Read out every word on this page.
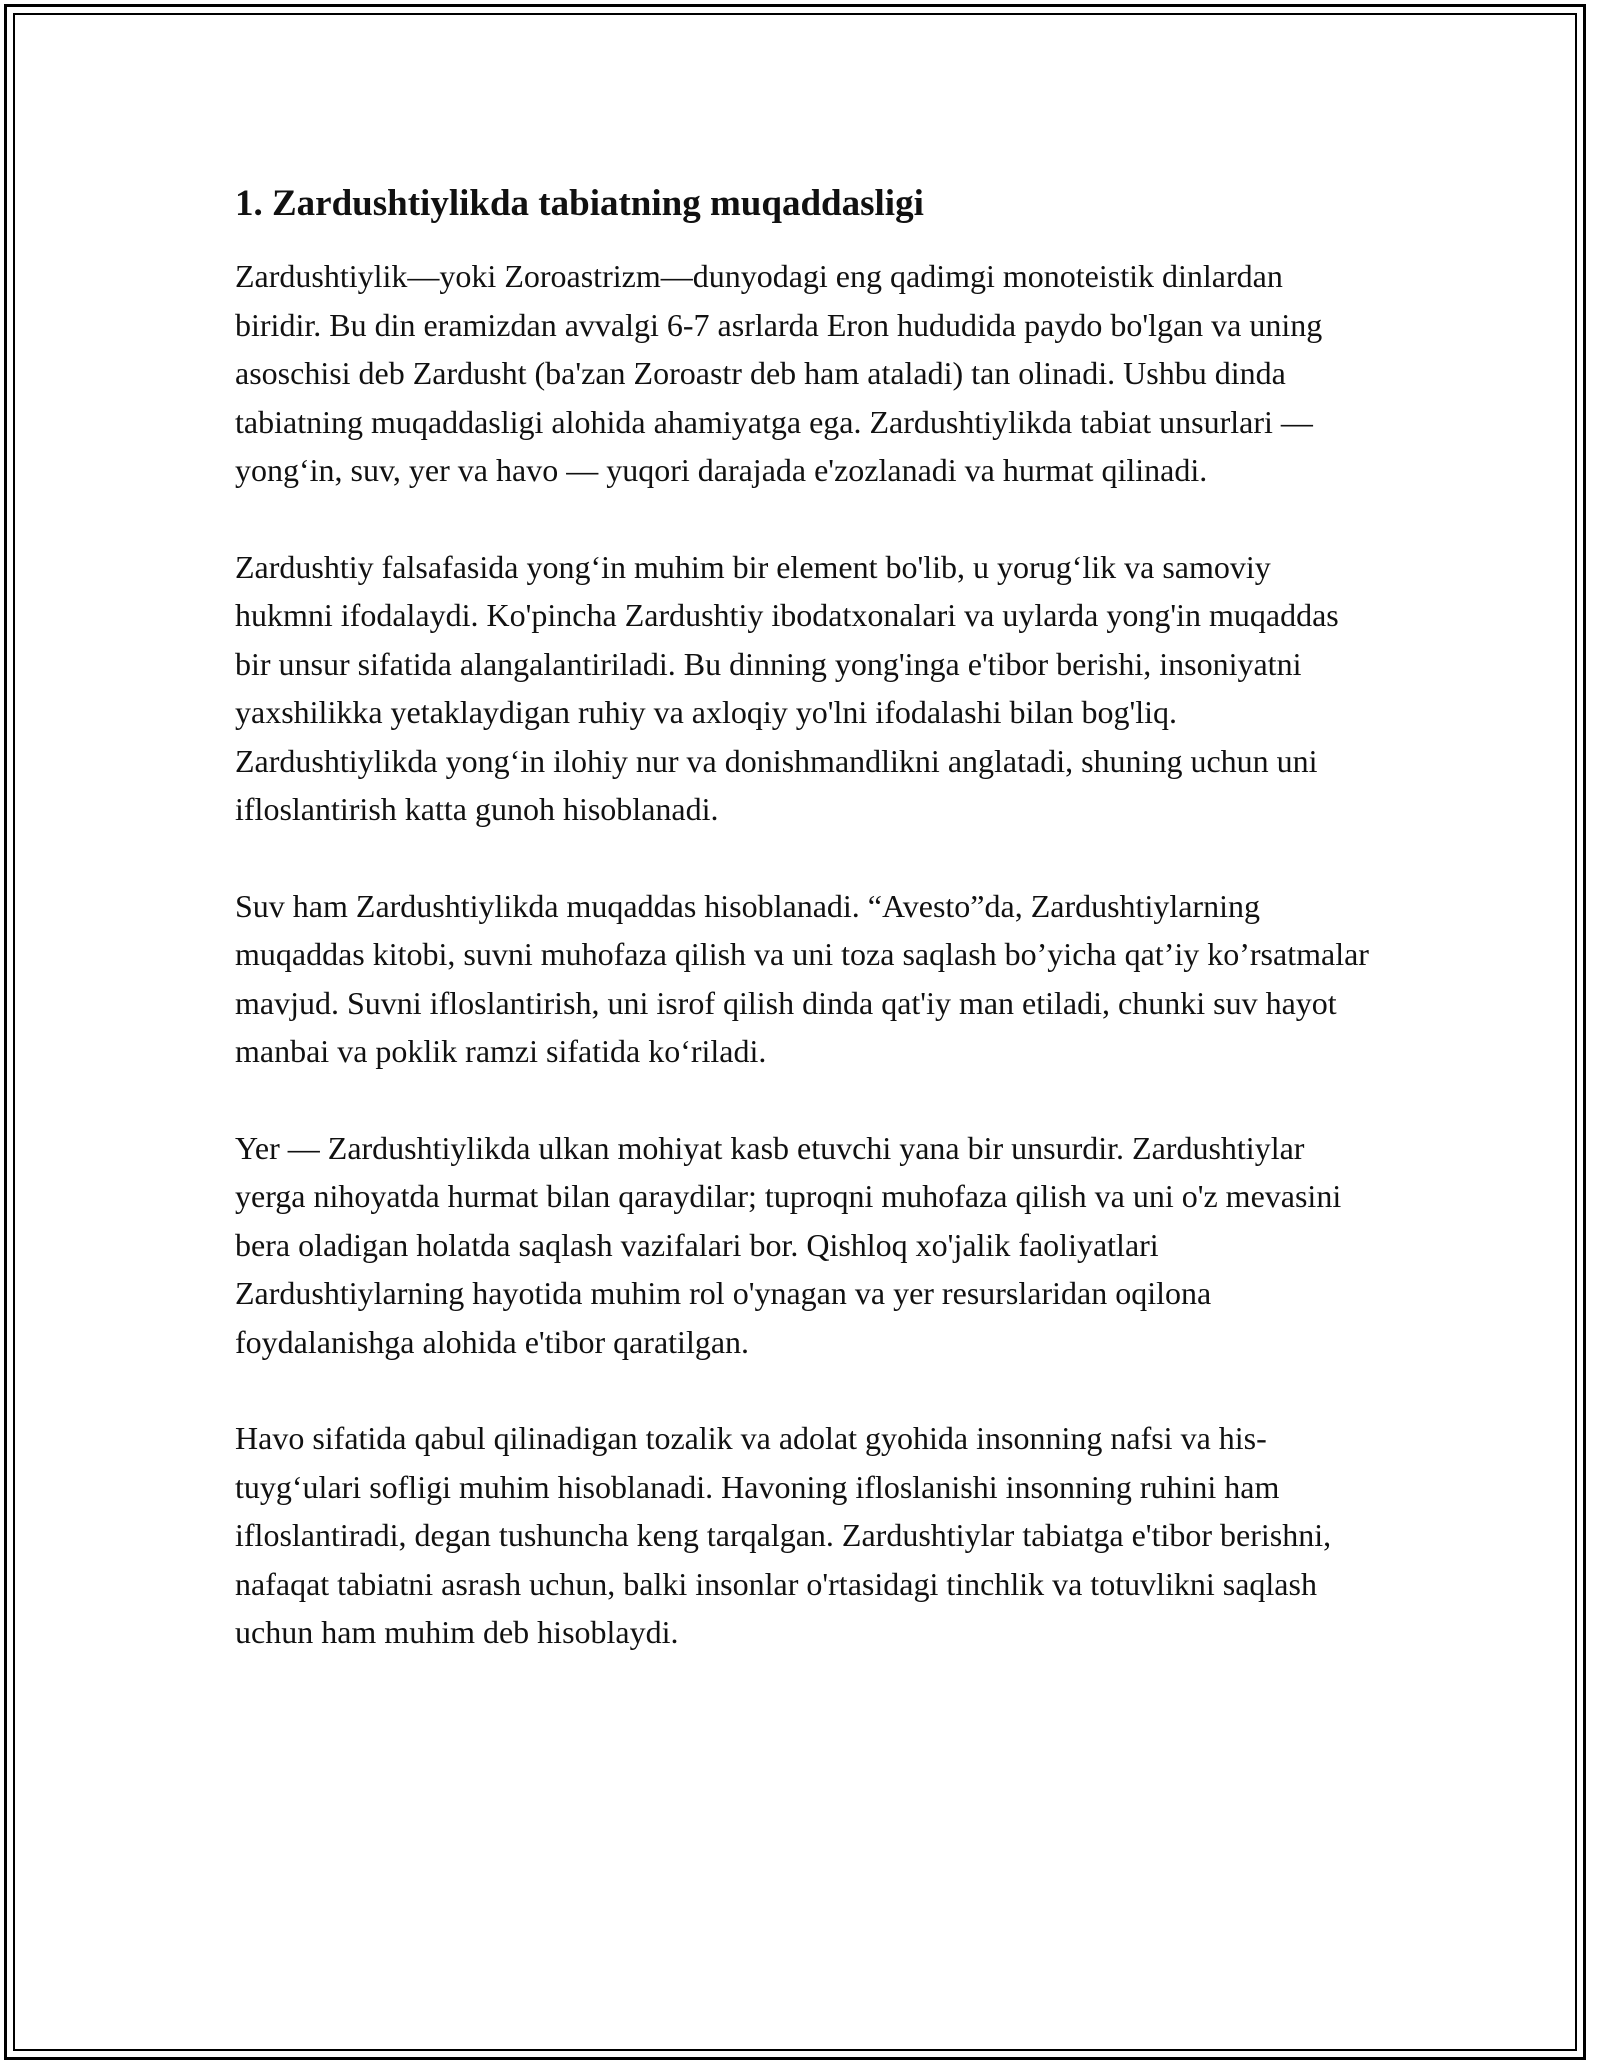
1. Zardushtiylikda tabiatning muqaddasligi

Zardushtiylik—yoki Zoroastrizm—dunyodagi eng qadimgi monoteistik dinlardan biridir. Bu din eramizdan avvalgi 6-7 asrlarda Eron hududida paydo bo'lgan va uning asoschisi deb Zardusht (ba'zan Zoroastr deb ham ataladi) tan olinadi. Ushbu dinda tabiatning muqaddasligi alohida ahamiyatga ega. Zardushtiylikda tabiat unsurlari — yong‘in, suv, yer va havo — yuqori darajada e'zozlanadi va hurmat qilinadi.

Zardushtiy falsafasida yong‘in muhim bir element bo'lib, u yorug‘lik va samoviy hukmni ifodalaydi. Ko'pincha Zardushtiy ibodatxonalari va uylarda yong'in muqaddas bir unsur sifatida alangalantiriladi. Bu dinning yong'inga e'tibor berishi, insoniyatni yaxshilikka yetaklaydigan ruhiy va axloqiy yo'lni ifodalashi bilan bog'liq. Zardushtiylikda yong‘in ilohiy nur va donishmandlikni anglatadi, shuning uchun uni ifloslantirish katta gunoh hisoblanadi.

Suv ham Zardushtiylikda muqaddas hisoblanadi. “Avesto”da, Zardushtiylarning muqaddas kitobi, suvni muhofaza qilish va uni toza saqlash bo’yicha qat’iy ko’rsatmalar mavjud. Suvni ifloslantirish, uni isrof qilish dinda qat'iy man etiladi, chunki suv hayot manbai va poklik ramzi sifatida ko‘riladi.

Yer — Zardushtiylikda ulkan mohiyat kasb etuvchi yana bir unsurdir. Zardushtiylar yerga nihoyatda hurmat bilan qaraydilar; tuproqni muhofaza qilish va uni o'z mevasini bera oladigan holatda saqlash vazifalari bor. Qishloq xo'jalik faoliyatlari Zardushtiylarning hayotida muhim rol o'ynagan va yer resurslaridan oqilona foydalanishga alohida e'tibor qaratilgan.

Havo sifatida qabul qilinadigan tozalik va adolat gyohida insonning nafsi va his-tuyg‘ulari sofligi muhim hisoblanadi. Havoning ifloslanishi insonning ruhini ham ifloslantiradi, degan tushuncha keng tarqalgan. Zardushtiylar tabiatga e'tibor berishni, nafaqat tabiatni asrash uchun, balki insonlar o'rtasidagi tinchlik va totuvlikni saqlash uchun ham muhim deb hisoblaydi.
